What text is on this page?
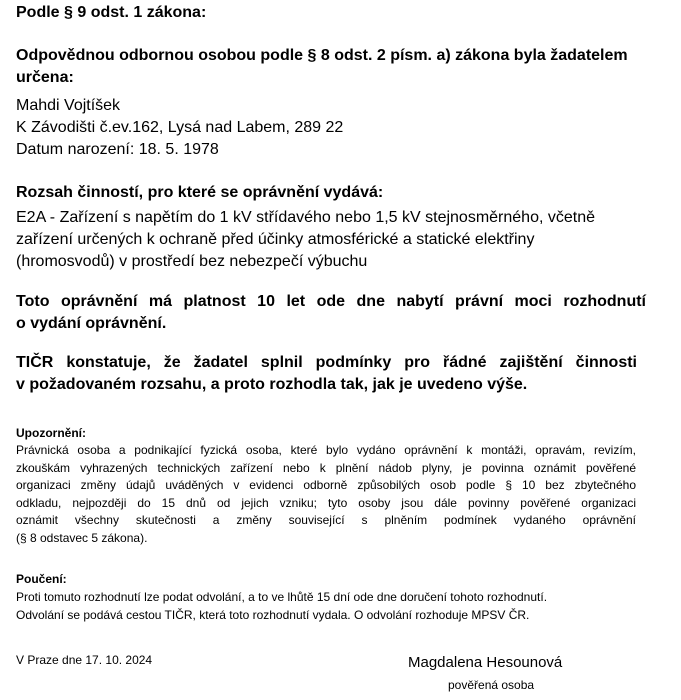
Podle § 9 odst. 1 zákona:
Odpovědnou odbornou osobou podle § 8 odst. 2 písm. a) zákona byla žadatelem
určena:
Mahdi Vojtíšek
K Závodišti č.ev.162, Lysá nad Labem, 289 22
Datum narození: 18. 5. 1978
Rozsah činností, pro které se oprávnění vydává:
E2A - Zařízení s napětím do 1 kV střídavého nebo 1,5 kV stejnosměrného, včetně
zařízení určených k ochraně před účinky atmosférické a statické elektřiny
(hromosvodů) v prostředí bez nebezpečí výbuchu
Toto oprávnění má platnost 10 let ode dne nabytí právní moci rozhodnutí
o vydání oprávnění.
TIČR konstatuje, že žadatel splnil podmínky pro řádné zajištění činnosti
v požadovaném rozsahu, a proto rozhodla tak, jak je uvedeno výše.
Upozornění:
Právnická osoba a podnikající fyzická osoba, které bylo vydáno oprávnění k montáži, opravám, revizím,
zkouškám vyhrazených technických zařízení nebo k plnění nádob plyny, je povinna oznámit pověřené
organizaci změny údajů uváděných v evidenci odborně způsobilých osob podle § 10 bez zbytečného
odkladu, nejpozději do 15 dnů od jejich vzniku; tyto osoby jsou dále povinny pověřené organizaci
oznámit všechny skutečnosti a změny související s plněním podmínek vydaného oprávnění
(§ 8 odstavec 5 zákona).
Poučení:
Proti tomuto rozhodnutí lze podat odvolání, a to ve lhůtě 15 dní ode dne doručení tohoto rozhodnutí.
Odvolání se podává cestou TIČR, která toto rozhodnutí vydala. O odvolání rozhoduje MPSV ČR.
V Praze dne 17. 10. 2024	Magdalena Hesounová
pověřená osoba
